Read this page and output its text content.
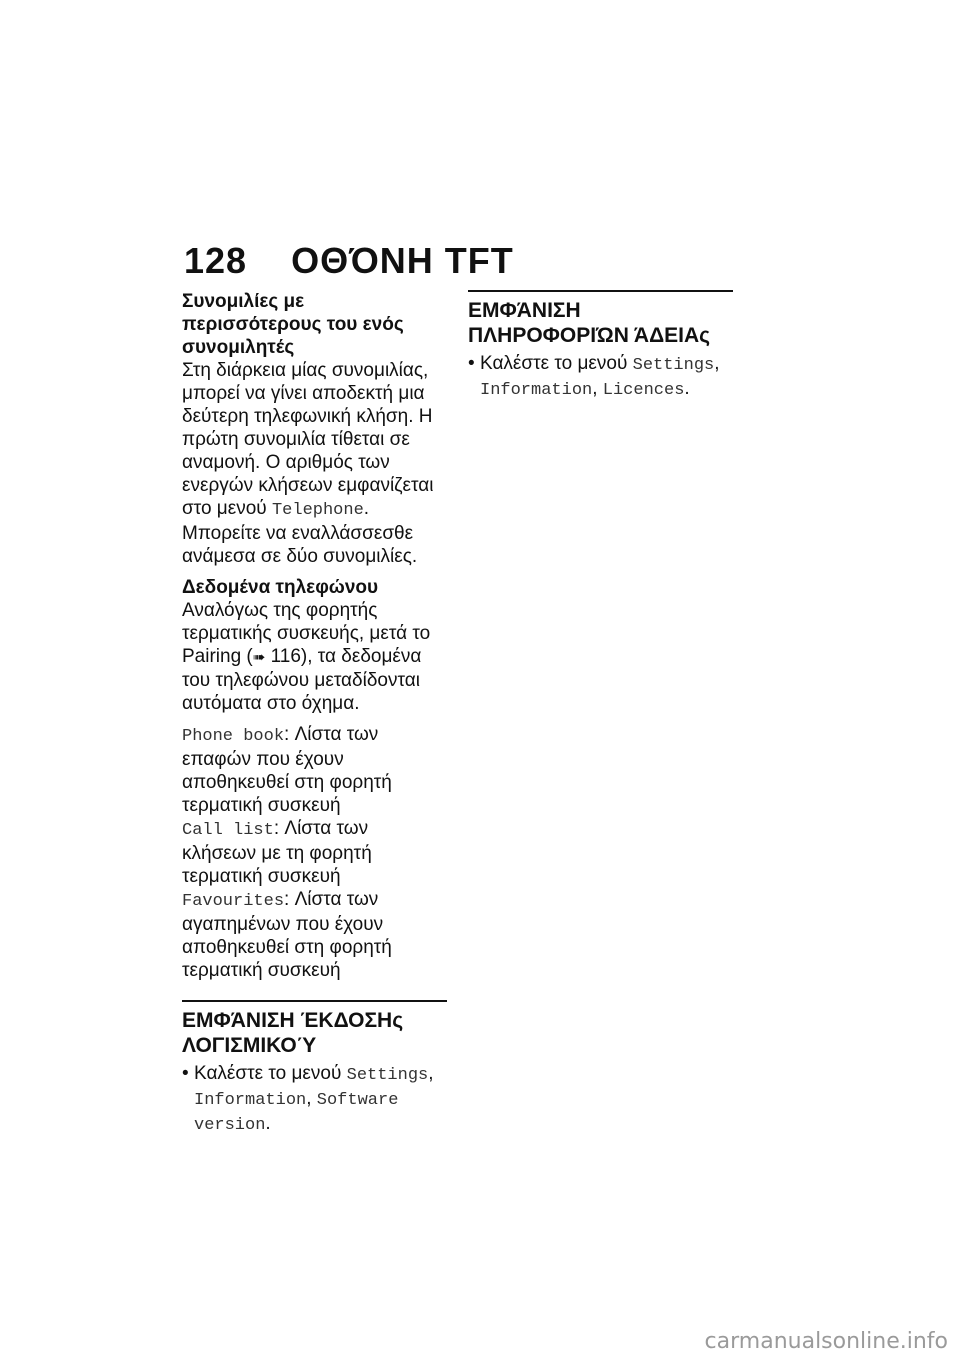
128 ΟΘΌΝΗ TFT
Συνομιλίες με περισσότερους του ενός συνομιλητές

Στη διάρκεια μίας συνομιλίας, μπορεί να γίνει αποδεκτή μια δεύτερη τηλεφωνική κλήση. Η πρώτη συνομιλία τίθεται σε αναμονή. Ο αριθμός των ενεργών κλήσεων εμφανίζεται στο μενού Telephone. Μπορείτε να εναλλάσσεσθε ανάμεσα σε δύο συνομιλίες.

Δεδομένα τηλεφώνου

Αναλόγως της φορητής τερματικής συσκευής, μετά το Pairing (➠ 116), τα δεδομένα του τηλεφώνου μεταδίδονται αυτόματα στο όχημα.

Phone book: Λίστα των επαφών που έχουν αποθηκευθεί στη φορητή τερματική συσκευή

Call list: Λίστα των κλήσεων με τη φορητή τερματική συσκευή

Favourites: Λίστα των αγαπημένων που έχουν αποθηκευθεί στη φορητή τερματική συσκευή

ΕΜΦΆΝΙΣΗ ΈΚΔΟΣΗς ΛΟΓΙΣΜΙΚΟΎ
• Καλέστε το μενού Settings, Information, Software version.
ΕΜΦΆΝΙΣΗ ΠΛΗΡΟΦΟΡΙΏΝ ΆΔΕΙΑς
• Καλέστε το μενού Settings, Information, Licences.
carmanualsonline.info
